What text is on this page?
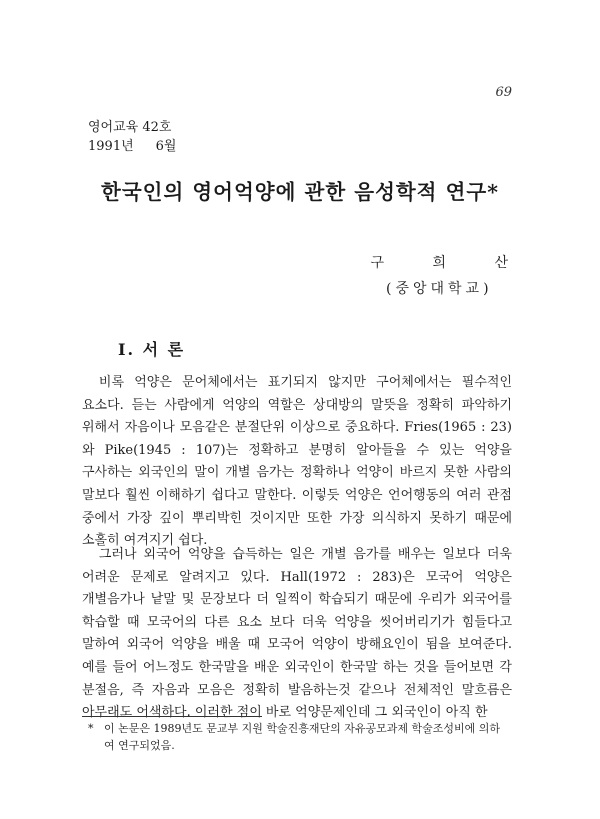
69
영어교육 42호
1991년 6월
한국인의 영어억양에 관한 음성학적 연구*
구 희 산
(중앙대학교)
I. 서 론

비록 억양은 문어체에서는 표기되지 않지만 구어체에서는 필수적인 요소다. 듣는 사람에게 억양의 역할은 상대방의 말뜻을 정확히 파악하기 위해서 자음이나 모음같은 분절단위 이상으로 중요하다. Fries(1965 : 23)와 Pike(1945 : 107)는 정확하고 분명히 알아들을 수 있는 억양을 구사하는 외국인의 말이 개별 음가는 정확하나 억양이 바르지 못한 사람의 말보다 훨씬 이해하기 쉽다고 말한다. 이렇듯 억양은 언어행동의 여러 관점 중에서 가장 깊이 뿌리박힌 것이지만 또한 가장 의식하지 못하기 때문에 소홀히 여겨지기 쉽다.

그러나 외국어 억양을 습득하는 일은 개별 음가를 배우는 일보다 더욱 어려운 문제로 알려지고 있다. Hall(1972 : 283)은 모국어 억양은 개별음가나 낱말 및 문장보다 더 일찍이 학습되기 때문에 우리가 외국어를 학습할 때 모국어의 다른 요소 보다 더욱 억양을 씻어버리기가 힘들다고 말하여 외국어 억양을 배울 때 모국어 억양이 방해요인이 됨을 보여준다. 예를 들어 어느정도 한국말을 배운 외국인이 한국말 하는 것을 들어보면 각 분절음, 즉 자음과 모음은 정확히 발음하는것 같으나 전체적인 말흐름은 아무래도 어색하다. 이러한 점이 바로 억양문제인데 그 외국인이 아직 한

* 이 논문은 1989년도 문교부 지원 학술진흥재단의 자유공모과제 학술조성비에 의하
여 연구되었음.
